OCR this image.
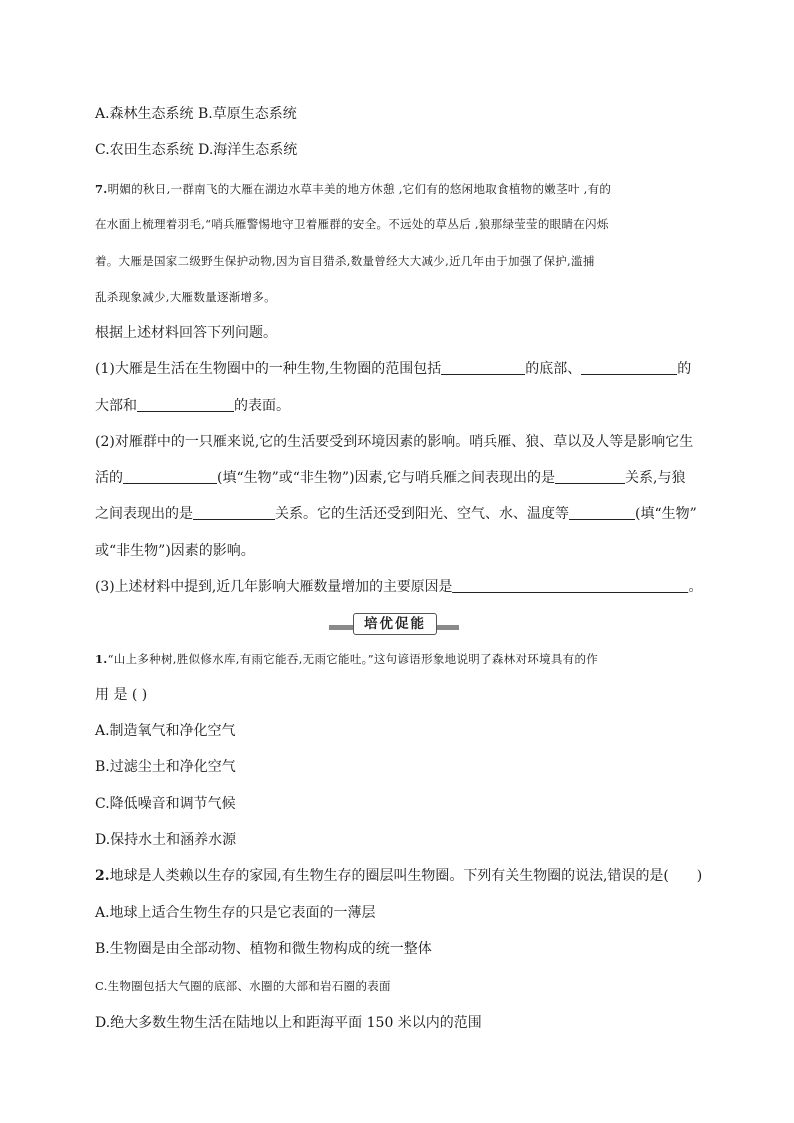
A.森林生态系统 B.草原生态系统
C.农田生态系统 D.海洋生态系统
7.明媚的秋日,一群南飞的大雁在湖边水草丰美的地方休憩 ,它们有的悠闲地取食植物的嫩茎叶 ,有的
在水面上梳理着羽毛,“哨兵雁警惕地守卫着雁群的安全。不远处的草丛后 ,狼那绿莹莹的眼睛在闪烁
着。大雁是国家二级野生保护动物,因为盲目猎杀,数量曾经大大减少,近几年由于加强了保护,滥捕
乱杀现象减少,大雁数量逐渐增多。
根据上述材料回答下列问题。
(1)大雁是生活在生物圈中的一种生物,生物圈的范围包括	的底部、	的
大部和	的表面。
(2)对雁群中的一只雁来说,它的生活要受到环境因素的影响。哨兵雁、狼、草以及人等是影响它生
活的	(填“生物”或“非生物”)因素,它与哨兵雁之间表现出的是	关系,与狼
之间表现出的是	关系。它的生活还受到阳光、空气、水、温度等	(填“生物”
或“非生物”)因素的影响。
(3)上述材料中提到,近几年影响大雁数量增加的主要原因是	。
培优促能
1.“山上多种树,胜似修水库,有雨它能吞,无雨它能吐。”这句谚语形象地说明了森林对环境具有的作
用 是 ( )
A.制造氧气和净化空气
B.过滤尘土和净化空气
C.降低噪音和调节气候
D.保持水土和涵养水源
2.地球是人类赖以生存的家园,有生物生存的圈层叫生物圈。下列有关生物圈的说法,错误的是(　　)
A.地球上适合生物生存的只是它表面的一薄层
B.生物圈是由全部动物、植物和微生物构成的统一整体
C.生物圈包括大气圈的底部、水圈的大部和岩石圈的表面
D.绝大多数生物生活在陆地以上和距海平面 150 米以内的范围
